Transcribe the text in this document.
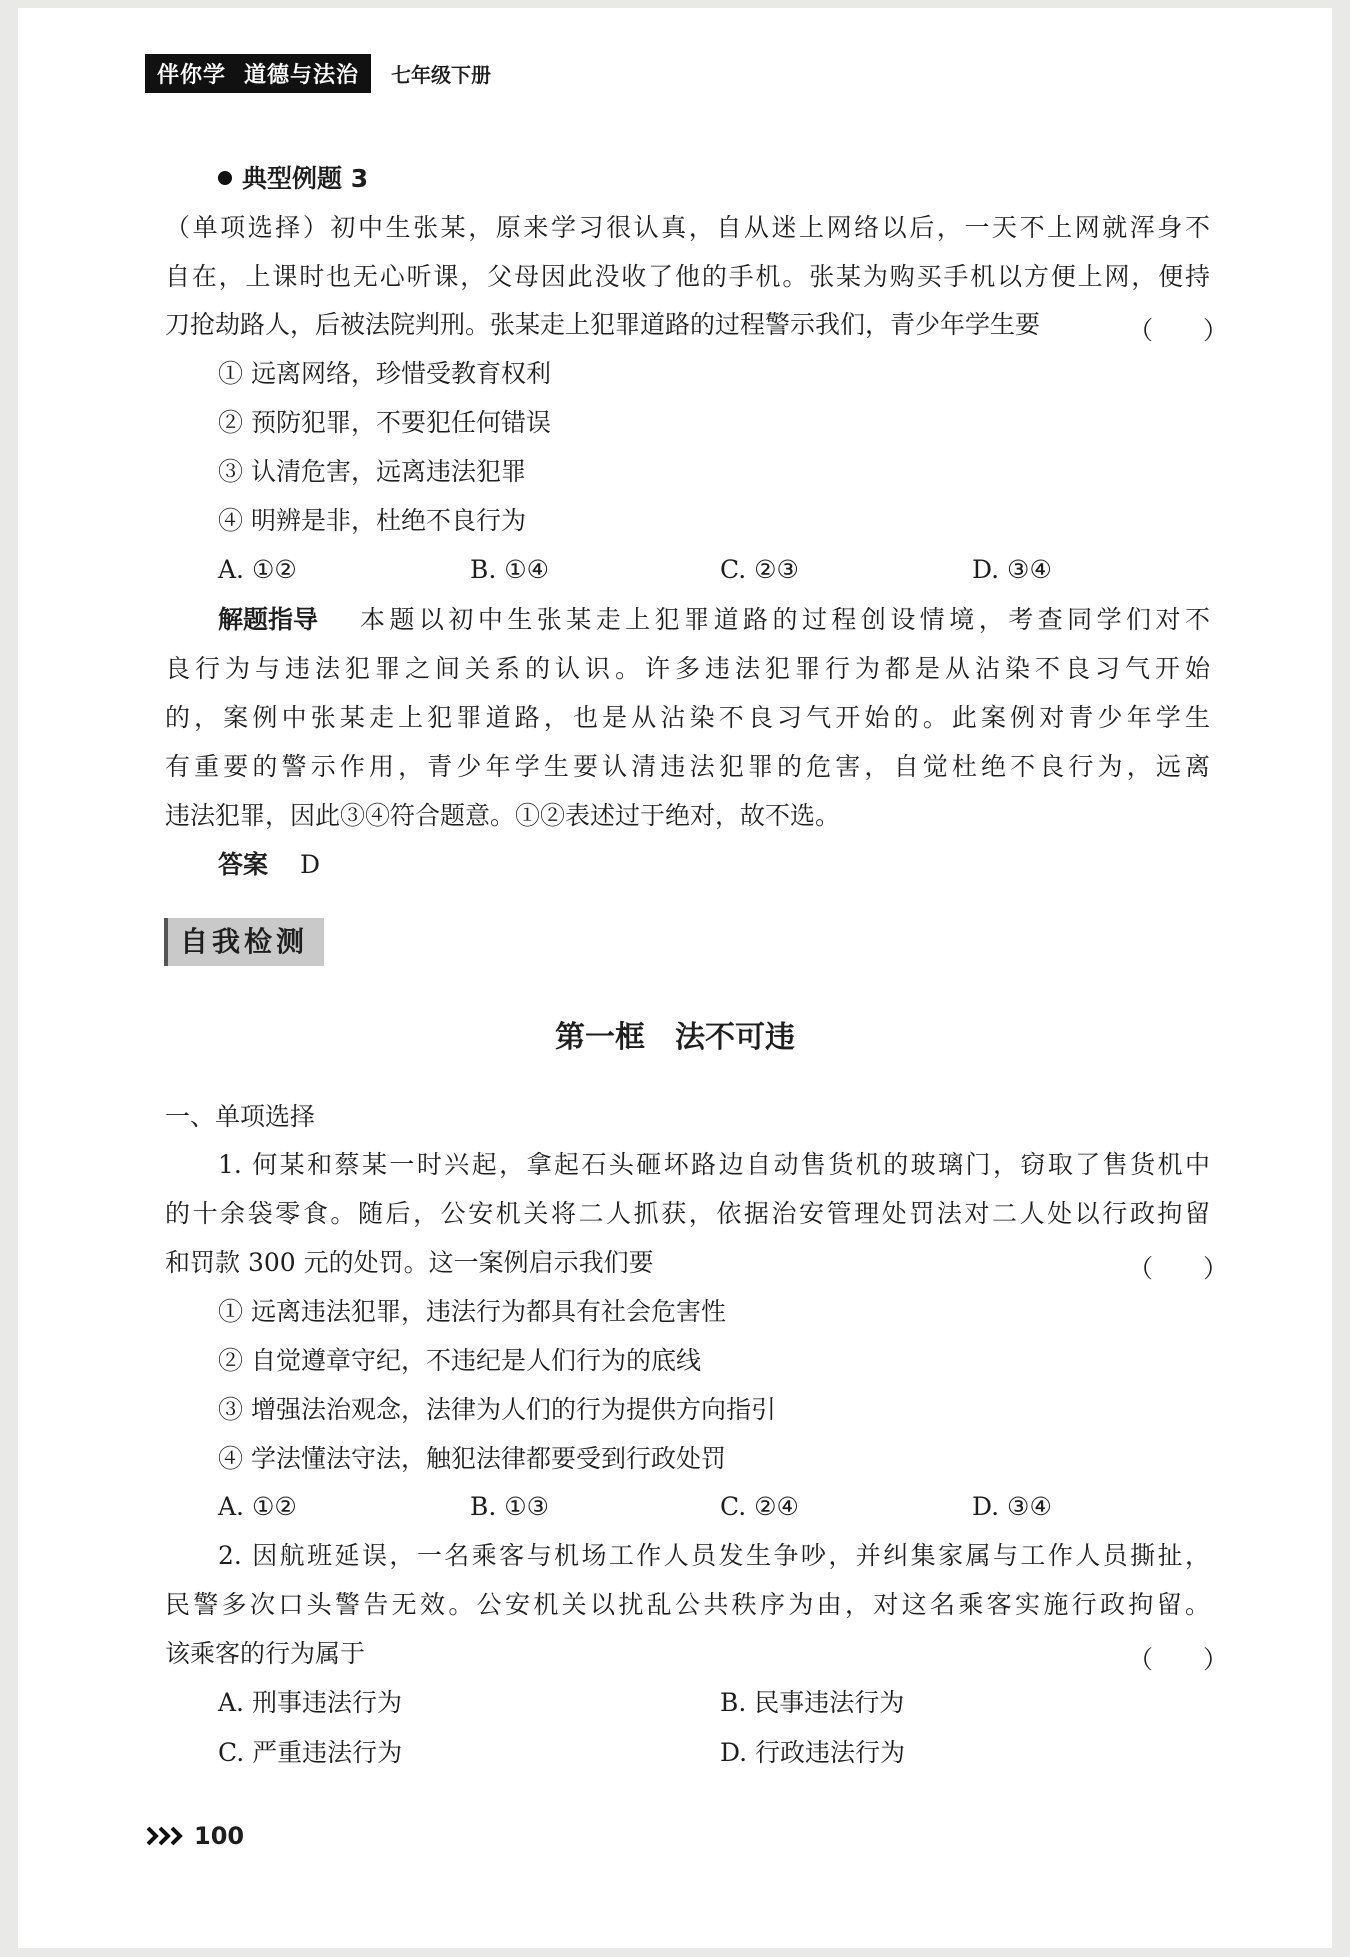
伴你学 道德与法治 七年级下册
典型例题 3
（单项选择）初中生张某，原来学习很认真，自从迷上网络以后，一天不上网就浑身不
自在，上课时也无心听课，父母因此没收了他的手机。张某为购买手机以方便上网，便持
刀抢劫路人，后被法院判刑。张某走上犯罪道路的过程警示我们，青少年学生要	（　　）
① 远离网络，珍惜受教育权利
② 预防犯罪，不要犯任何错误
③ 认清危害，远离违法犯罪
④ 明辨是非，杜绝不良行为
A. ①②	B. ①④	C. ②③	D. ③④
解题指导 本题以初中生张某走上犯罪道路的过程创设情境，考查同学们对不
良行为与违法犯罪之间关系的认识。许多违法犯罪行为都是从沾染不良习气开始
的，案例中张某走上犯罪道路，也是从沾染不良习气开始的。此案例对青少年学生
有重要的警示作用，青少年学生要认清违法犯罪的危害，自觉杜绝不良行为，远离
违法犯罪，因此③④符合题意。①②表述过于绝对，故不选。
答案 D
自我检测
第一框　法不可违
一、单项选择
1. 何某和蔡某一时兴起，拿起石头砸坏路边自动售货机的玻璃门，窃取了售货机中
的十余袋零食。随后，公安机关将二人抓获，依据治安管理处罚法对二人处以行政拘留
和罚款 300 元的处罚。这一案例启示我们要	（　　）
① 远离违法犯罪，违法行为都具有社会危害性
② 自觉遵章守纪，不违纪是人们行为的底线
③ 增强法治观念，法律为人们的行为提供方向指引
④ 学法懂法守法，触犯法律都要受到行政处罚
A. ①②	B. ①③	C. ②④	D. ③④
2. 因航班延误，一名乘客与机场工作人员发生争吵，并纠集家属与工作人员撕扯，
民警多次口头警告无效。公安机关以扰乱公共秩序为由，对这名乘客实施行政拘留。
该乘客的行为属于	（　　）
A. 刑事违法行为	B. 民事违法行为
C. 严重违法行为	D. 行政违法行为
100
